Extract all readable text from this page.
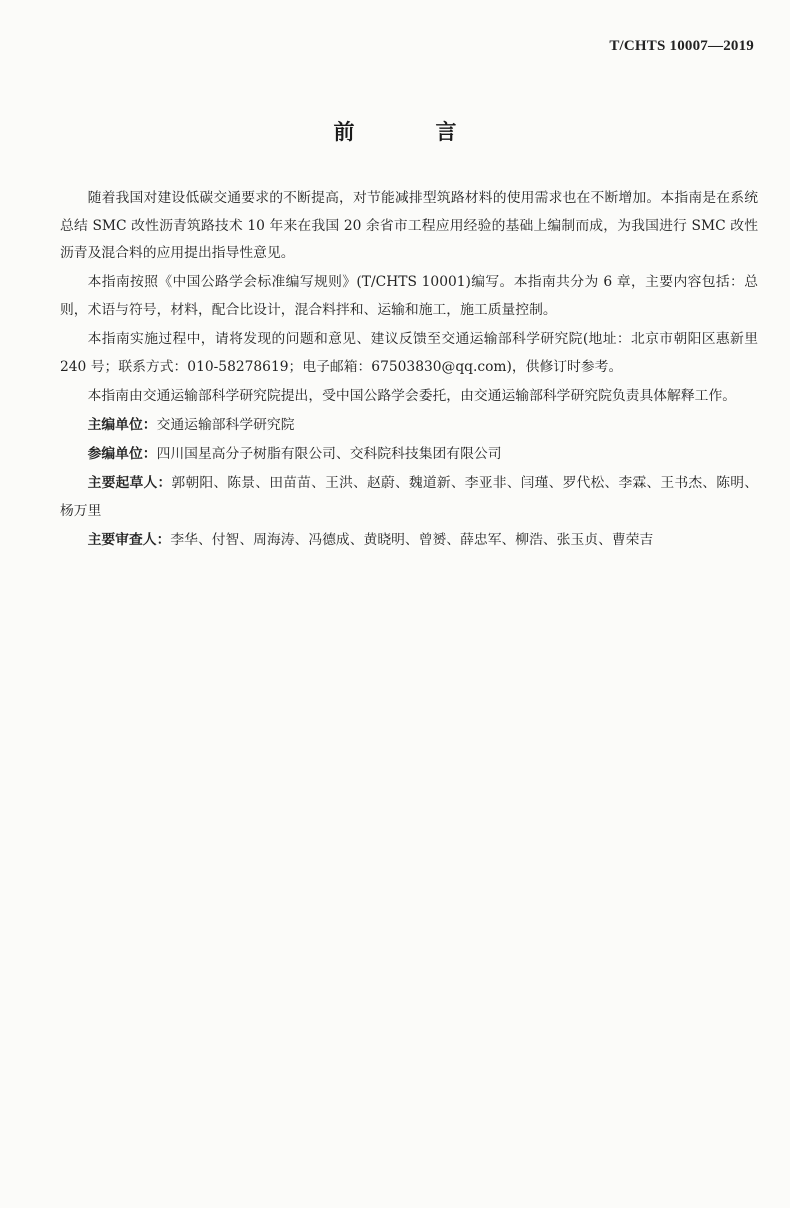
T/CHTS 10007—2019
前　言

随着我国对建设低碳交通要求的不断提高，对节能减排型筑路材料的使用需求也在不断增加。本指南是在系统总结 SMC 改性沥青筑路技术 10 年来在我国 20 余省市工程应用经验的基础上编制而成，为我国进行 SMC 改性沥青及混合料的应用提出指导性意见。

本指南按照《中国公路学会标准编写规则》(T/CHTS 10001)编写。本指南共分为 6 章，主要内容包括：总则，术语与符号，材料，配合比设计，混合料拌和、运输和施工，施工质量控制。

本指南实施过程中，请将发现的问题和意见、建议反馈至交通运输部科学研究院(地址：北京市朝阳区惠新里 240 号；联系方式：010-58278619；电子邮箱：67503830@qq.com)，供修订时参考。

本指南由交通运输部科学研究院提出，受中国公路学会委托，由交通运输部科学研究院负责具体解释工作。

主编单位：交通运输部科学研究院

参编单位：四川国星高分子树脂有限公司、交科院科技集团有限公司

主要起草人：郭朝阳、陈景、田苗苗、王洪、赵蔚、魏道新、李亚非、闫瑾、罗代松、李霖、王书杰、陈明、杨万里

主要审查人：李华、付智、周海涛、冯德成、黄晓明、曾赟、薛忠军、柳浩、张玉贞、曹荣吉
